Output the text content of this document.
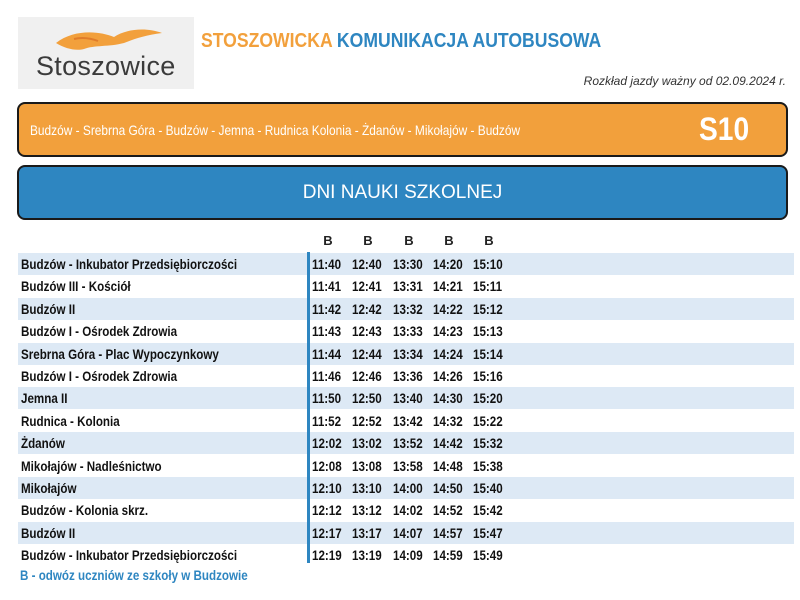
Stoszowice
STOSZOWICKA KOMUNIKACJA AUTOBUSOWA
Rozkład jazdy ważny od 02.09.2024 r.
Budzów - Srebrna Góra - Budzów - Jemna - Rudnica Kolonia - Żdanów - Mikołajów - Budzów	S10
DNI NAUKI SZKOLNEJ
B	B	B	B	B
Budzów - Inkubator Przedsiębiorczości	11:40 12:40 13:30 14:20 15:10
Budzów III - Kościół	11:41 12:41 13:31 14:21 15:11
Budzów II	11:42 12:42 13:32 14:22 15:12
Budzów I - Ośrodek Zdrowia	11:43 12:43 13:33 14:23 15:13
Srebrna Góra - Plac Wypoczynkowy	11:44 12:44 13:34 14:24 15:14
Budzów I - Ośrodek Zdrowia	11:46 12:46 13:36 14:26 15:16
Jemna II	11:50 12:50 13:40 14:30 15:20
Rudnica - Kolonia	11:52 12:52 13:42 14:32 15:22
Żdanów	12:02 13:02 13:52 14:42 15:32
Mikołajów - Nadleśnictwo	12:08 13:08 13:58 14:48 15:38
Mikołajów	12:10 13:10 14:00 14:50 15:40
Budzów - Kolonia skrz.	12:12 13:12 14:02 14:52 15:42
Budzów II	12:17 13:17 14:07 14:57 15:47
Budzów - Inkubator Przedsiębiorczości	12:19 13:19 14:09 14:59 15:49
B - odwóz uczniów ze szkoły w Budzowie
